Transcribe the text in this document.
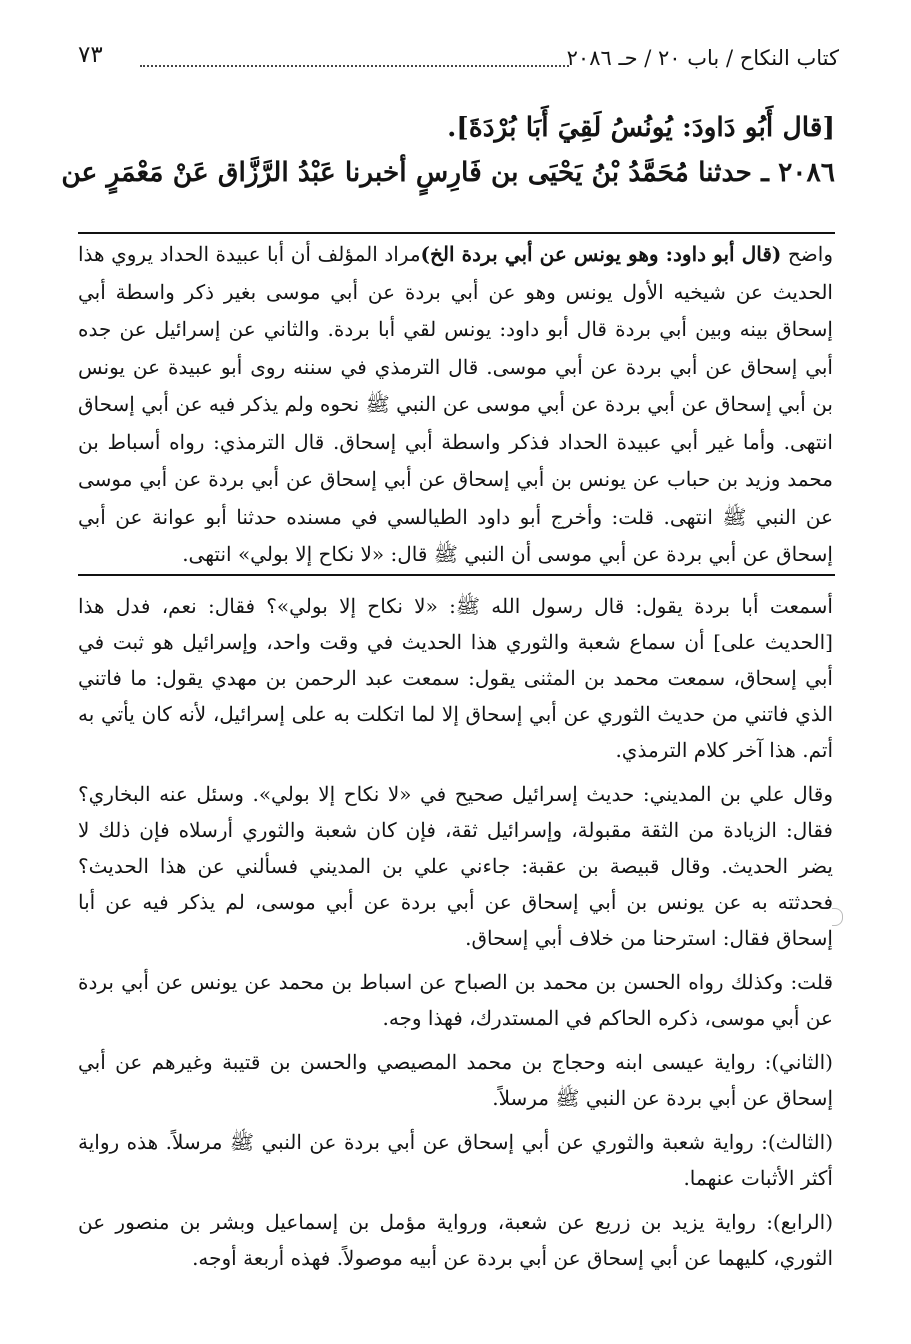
كتاب النكاح / باب ٢٠ / حـ ٢٠٨٦
٧٣

[قال أَبُو دَاودَ: يُونُسُ لَقِيَ أَبَا بُرْدَةَ].

٢٠٨٦ ـ حدثنا مُحَمَّدُ بْنُ يَحْيَى بن فَارِسٍ أخبرنا عَبْدُ الرَّزَّاق عَنْ مَعْمَرٍ عن

واضح (قال أبو داود: وهو يونس عن أبي بردة الخ)مراد المؤلف أن أبا عبيدة الحداد يروي هذا الحديث عن شيخيه الأول يونس وهو عن أبي بردة عن أبي موسى بغير ذكر واسطة أبي إسحاق بينه وبين أبي بردة قال أبو داود: يونس لقي أبا بردة. والثاني عن إسرائيل عن جده أبي إسحاق عن أبي بردة عن أبي موسى. قال الترمذي في سننه روى أبو عبيدة عن يونس بن أبي إسحاق عن أبي بردة عن أبي موسى عن النبي ﷺ نحوه ولم يذكر فيه عن أبي إسحاق انتهى. وأما غير أبي عبيدة الحداد فذكر واسطة أبي إسحاق. قال الترمذي: رواه أسباط بن محمد وزيد بن حباب عن يونس بن أبي إسحاق عن أبي إسحاق عن أبي بردة عن أبي موسى عن النبي ﷺ انتهى. قلت: وأخرج أبو داود الطيالسي في مسنده حدثنا أبو عوانة عن أبي إسحاق عن أبي بردة عن أبي موسى أن النبي ﷺ قال: «لا نكاح إلا بولي» انتهى.

أسمعت أبا بردة يقول: قال رسول الله ﷺ: «لا نكاح إلا بولي»؟ فقال: نعم، فدل هذا [الحديث على] أن سماع شعبة والثوري هذا الحديث في وقت واحد، وإسرائيل هو ثبت في أبي إسحاق، سمعت محمد بن المثنى يقول: سمعت عبد الرحمن بن مهدي يقول: ما فاتني الذي فاتني من حديث الثوري عن أبي إسحاق إلا لما اتكلت به على إسرائيل، لأنه كان يأتي به أتم. هذا آخر كلام الترمذي.

وقال علي بن المديني: حديث إسرائيل صحيح في «لا نكاح إلا بولي». وسئل عنه البخاري؟ فقال: الزيادة من الثقة مقبولة، وإسرائيل ثقة، فإن كان شعبة والثوري أرسلاه فإن ذلك لا يضر الحديث. وقال قبيصة بن عقبة: جاءني علي بن المديني فسألني عن هذا الحديث؟ فحدثته به عن يونس بن أبي إسحاق عن أبي بردة عن أبي موسى، لم يذكر فيه عن أبا إسحاق فقال: استرحنا من خلاف أبي إسحاق.

قلت: وكذلك رواه الحسن بن محمد بن الصباح عن اسباط بن محمد عن يونس عن أبي بردة عن أبي موسى، ذكره الحاكم في المستدرك، فهذا وجه.

(الثاني): رواية عيسى ابنه وحجاج بن محمد المصيصي والحسن بن قتيبة وغيرهم عن أبي إسحاق عن أبي بردة عن النبي ﷺ مرسلاً.

(الثالث): رواية شعبة والثوري عن أبي إسحاق عن أبي بردة عن النبي ﷺ مرسلاً. هذه رواية أكثر الأثبات عنهما.

(الرابع): رواية يزيد بن زريع عن شعبة، ورواية مؤمل بن إسماعيل وبشر بن منصور عن الثوري، كليهما عن أبي إسحاق عن أبي بردة عن أبيه موصولاً. فهذه أربعة أوجه.
